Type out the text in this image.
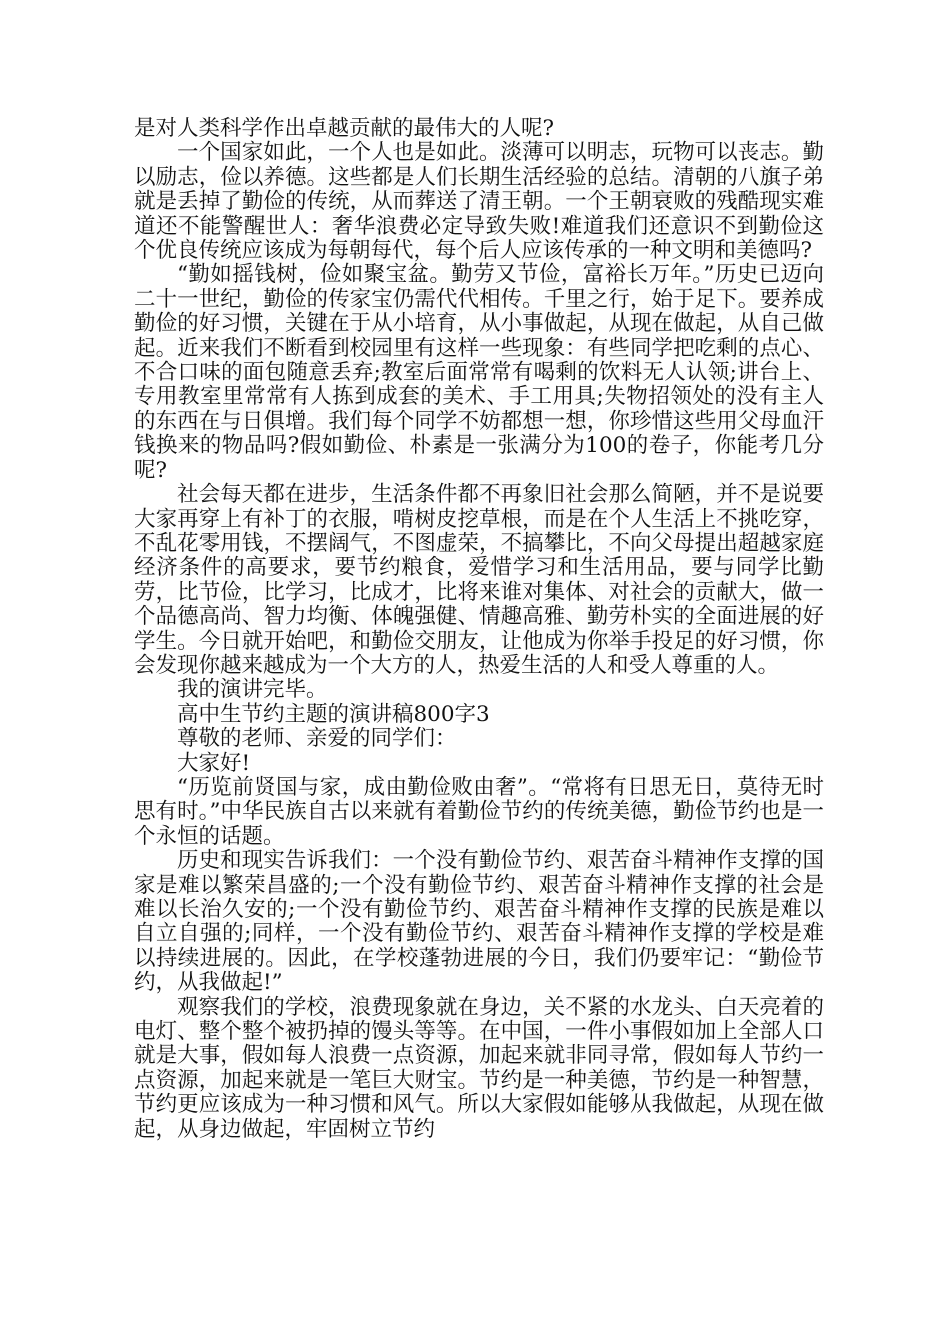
是对人类科学作出卓越贡献的最伟大的人呢?

一个国家如此，一个人也是如此。淡薄可以明志，玩物可以丧志。勤以励志，俭以养德。这些都是人们长期生活经验的总结。清朝的八旗子弟就是丢掉了勤俭的传统，从而葬送了清王朝。一个王朝衰败的残酷现实难道还不能警醒世人：奢华浪费必定导致失败!难道我们还意识不到勤俭这个优良传统应该成为每朝每代，每个后人应该传承的一种文明和美德吗?

“勤如摇钱树，俭如聚宝盆。勤劳又节俭，富裕长万年。”历史已迈向二十一世纪，勤俭的传家宝仍需代代相传。千里之行，始于足下。要养成勤俭的好习惯，关键在于从小培育，从小事做起，从现在做起，从自己做起。近来我们不断看到校园里有这样一些现象：有些同学把吃剩的点心、不合口味的面包随意丢弃;教室后面常常有喝剩的饮料无人认领;讲台上、专用教室里常常有人拣到成套的美术、手工用具;失物招领处的没有主人的东西在与日俱增。我们每个同学不妨都想一想，你珍惜这些用父母血汗钱换来的物品吗?假如勤俭、朴素是一张满分为100的卷子，你能考几分呢?

社会每天都在进步，生活条件都不再象旧社会那么简陋，并不是说要大家再穿上有补丁的衣服，啃树皮挖草根，而是在个人生活上不挑吃穿，不乱花零用钱，不摆阔气，不图虚荣，不搞攀比，不向父母提出超越家庭经济条件的高要求，要节约粮食，爱惜学习和生活用品，要与同学比勤劳，比节俭，比学习，比成才，比将来谁对集体、对社会的贡献大，做一个品德高尚、智力均衡、体魄强健、情趣高雅、勤劳朴实的全面进展的好学生。今日就开始吧，和勤俭交朋友，让他成为你举手投足的好习惯，你会发现你越来越成为一个大方的人，热爱生活的人和受人尊重的人。

我的演讲完毕。

高中生节约主题的演讲稿800字3

尊敬的老师、亲爱的同学们：

大家好!

“历览前贤国与家，成由勤俭败由奢”。“常将有日思无日，莫待无时思有时。”中华民族自古以来就有着勤俭节约的传统美德，勤俭节约也是一个永恒的话题。

历史和现实告诉我们：一个没有勤俭节约、艰苦奋斗精神作支撑的国家是难以繁荣昌盛的;一个没有勤俭节约、艰苦奋斗精神作支撑的社会是难以长治久安的;一个没有勤俭节约、艰苦奋斗精神作支撑的民族是难以自立自强的;同样，一个没有勤俭节约、艰苦奋斗精神作支撑的学校是难以持续进展的。因此，在学校蓬勃进展的今日，我们仍要牢记：“勤俭节约，从我做起!”

观察我们的学校，浪费现象就在身边，关不紧的水龙头、白天亮着的电灯、整个整个被扔掉的馒头等等。在中国，一件小事假如加上全部人口就是大事，假如每人浪费一点资源，加起来就非同寻常，假如每人节约一点资源，加起来就是一笔巨大财宝。节约是一种美德，节约是一种智慧，节约更应该成为一种习惯和风气。所以大家假如能够从我做起，从现在做起，从身边做起，牢固树立节约
